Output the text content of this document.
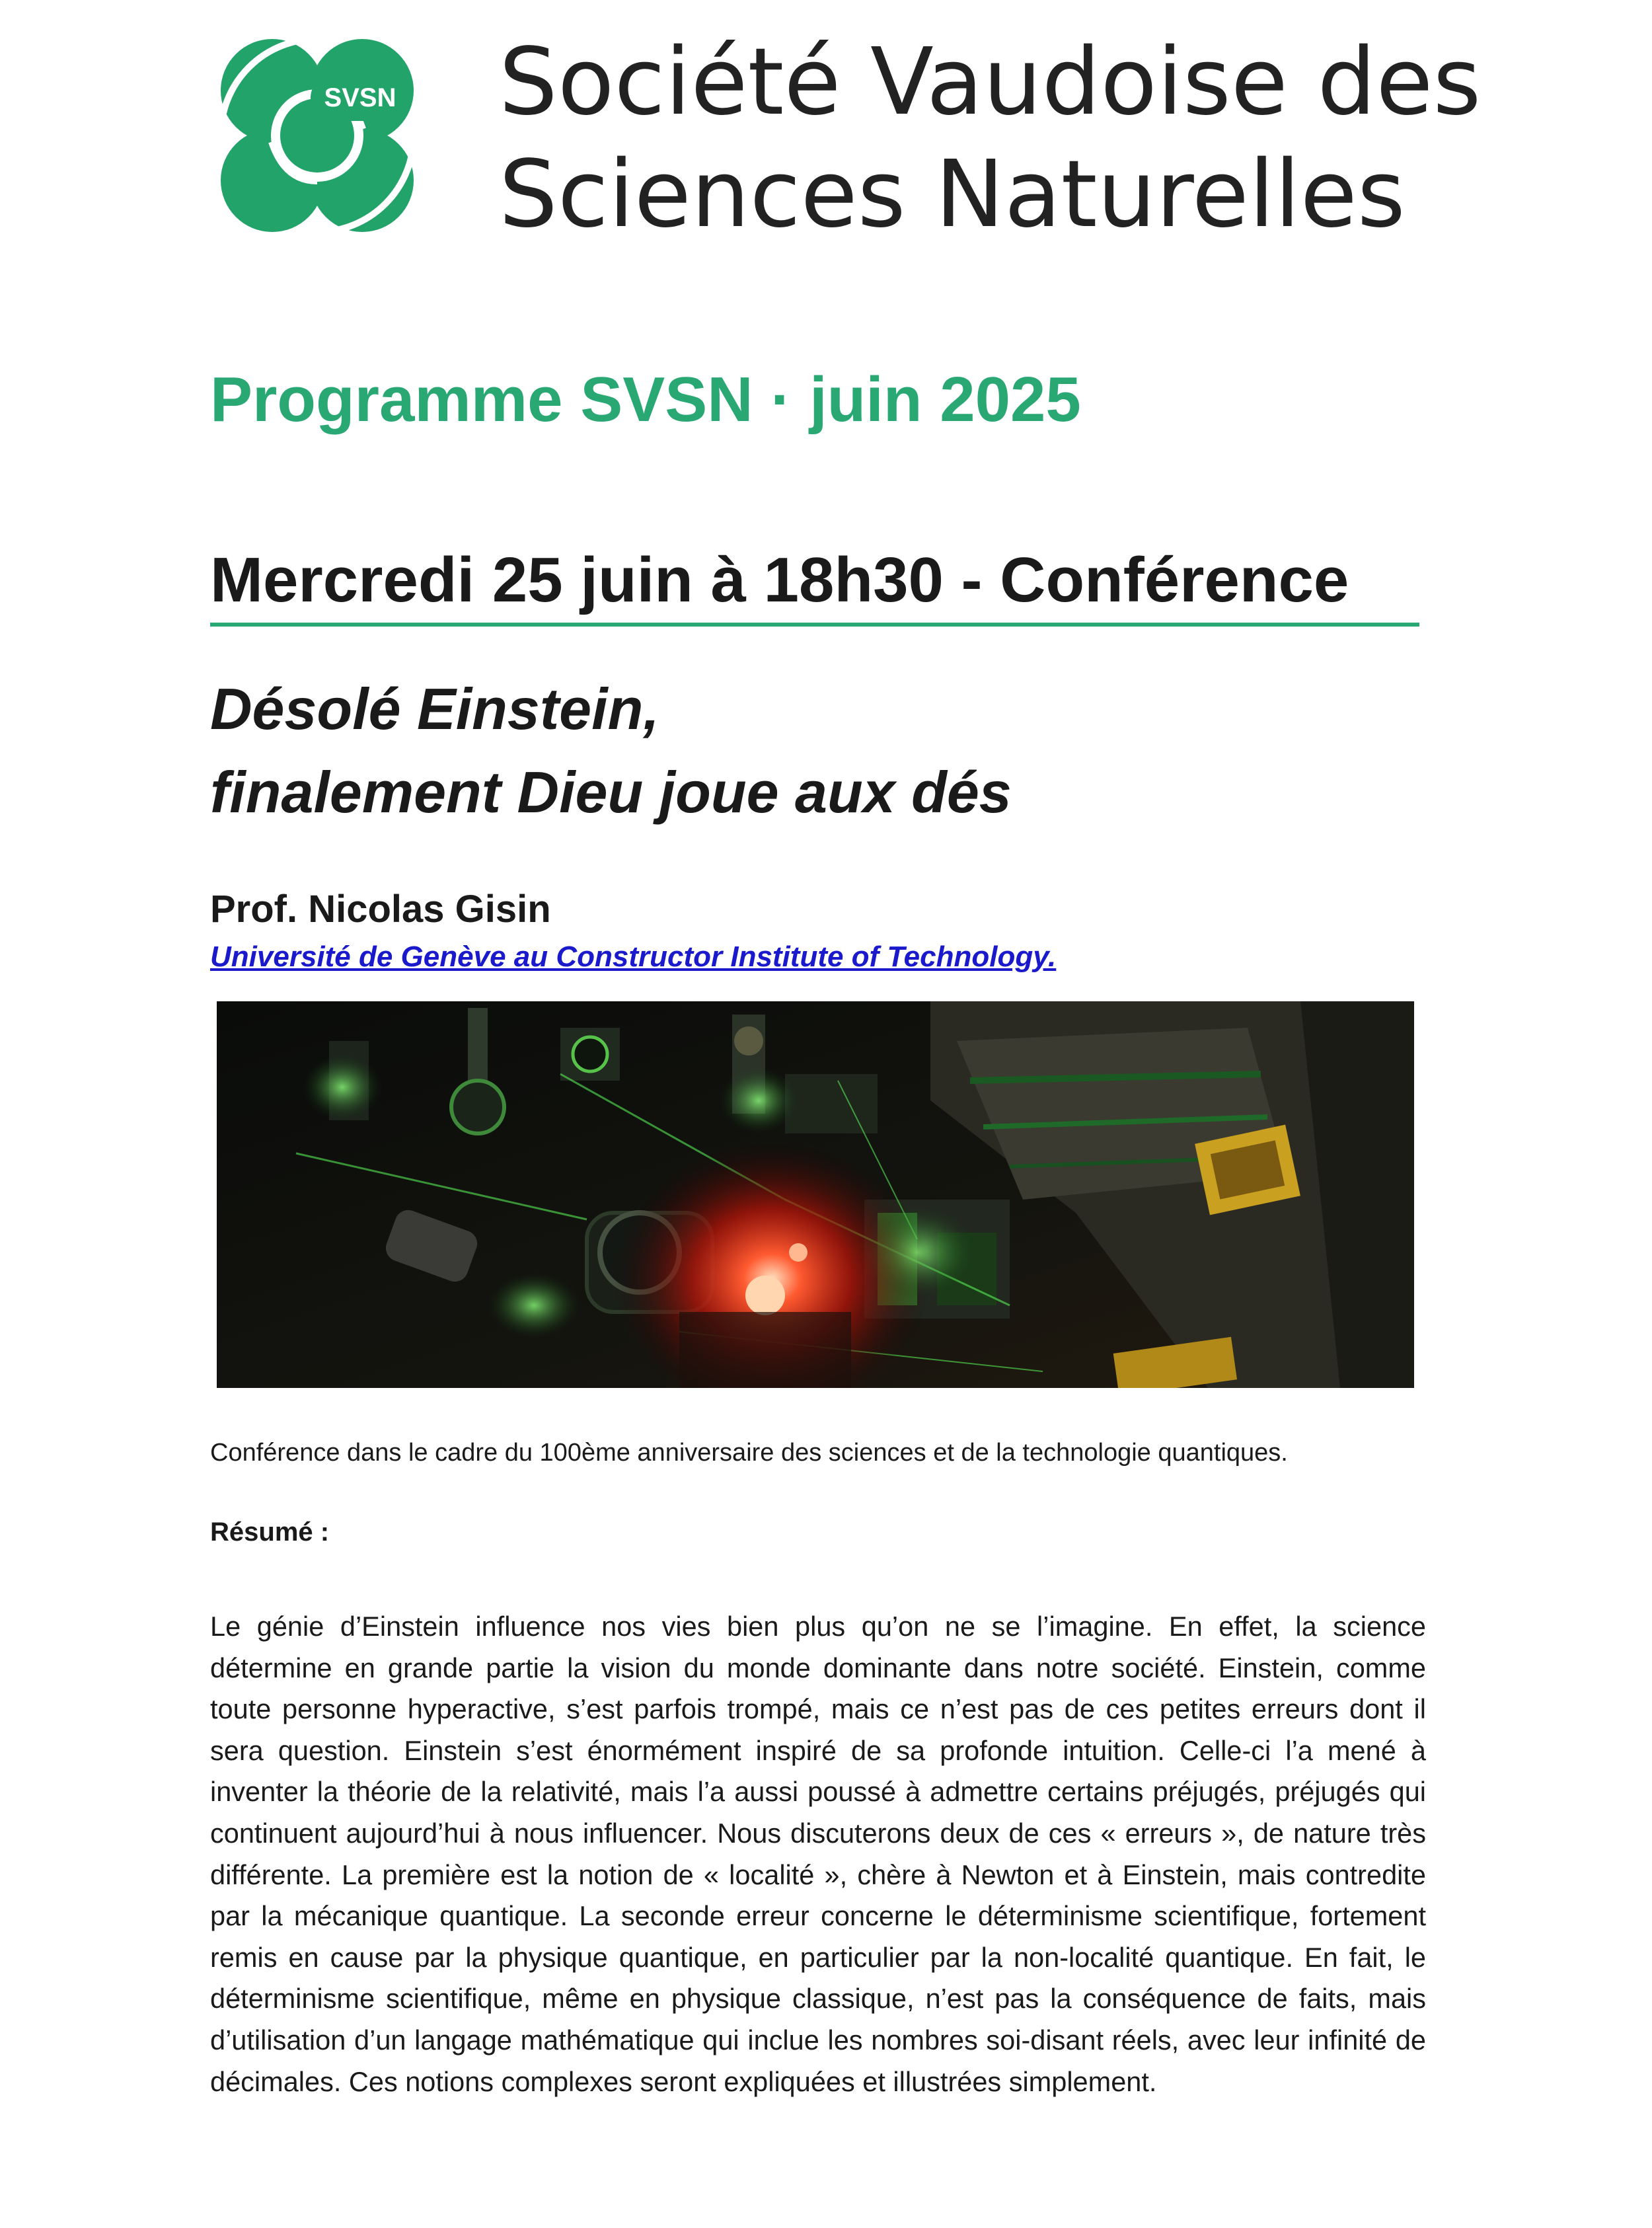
SVSN Société Vaudoise des
Sciences Naturelles
Programme SVSN · juin 2025
Mercredi 25 juin à 18h30 - Conférence
Désolé Einstein,
finalement Dieu joue aux dés
Prof. Nicolas Gisin
Université de Genève au Constructor Institute of Technology.
Conférence dans le cadre du 100ème anniversaire des sciences et de la technologie quantiques.
Résumé :
Le génie d’Einstein influence nos vies bien plus qu’on ne se l’imagine. En effet, la science détermine en grande partie la vision du monde dominante dans notre société. Einstein, comme toute personne hyperactive, s’est parfois trompé, mais ce n’est pas de ces petites erreurs dont il sera question. Einstein s’est énormément inspiré de sa profonde intuition. Celle-ci l’a mené à inventer la théorie de la relativité, mais l’a aussi poussé à admettre certains préjugés, préjugés qui continuent aujourd’hui à nous influencer. Nous discuterons deux de ces « erreurs », de nature très différente. La première est la notion de « localité », chère à Newton et à Einstein, mais contredite par la mécanique quantique. La seconde erreur concerne le déterminisme scientifique, fortement remis en cause par la physique quantique, en particulier par la non-localité quantique. En fait, le déterminisme scientifique, même en physique classique, n’est pas la conséquence de faits, mais d’utilisation d’un langage mathématique qui inclue les nombres soi-disant réels, avec leur infinité de décimales. Ces notions complexes seront expliquées et illustrées simplement.
